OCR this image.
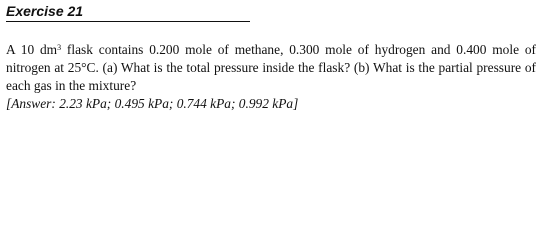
Exercise 21
A 10 $dm^3$ flask contains 0.200 mole of methane, 0.300 mole of hydrogen and 0.400 mole of nitrogen at 25°C. (a) What is the total pressure inside the flask? (b) What is the partial pressure of each gas in the mixture?
[Answer: 2.23 kPa; 0.495 kPa; 0.744 kPa; 0.992 kPa]
